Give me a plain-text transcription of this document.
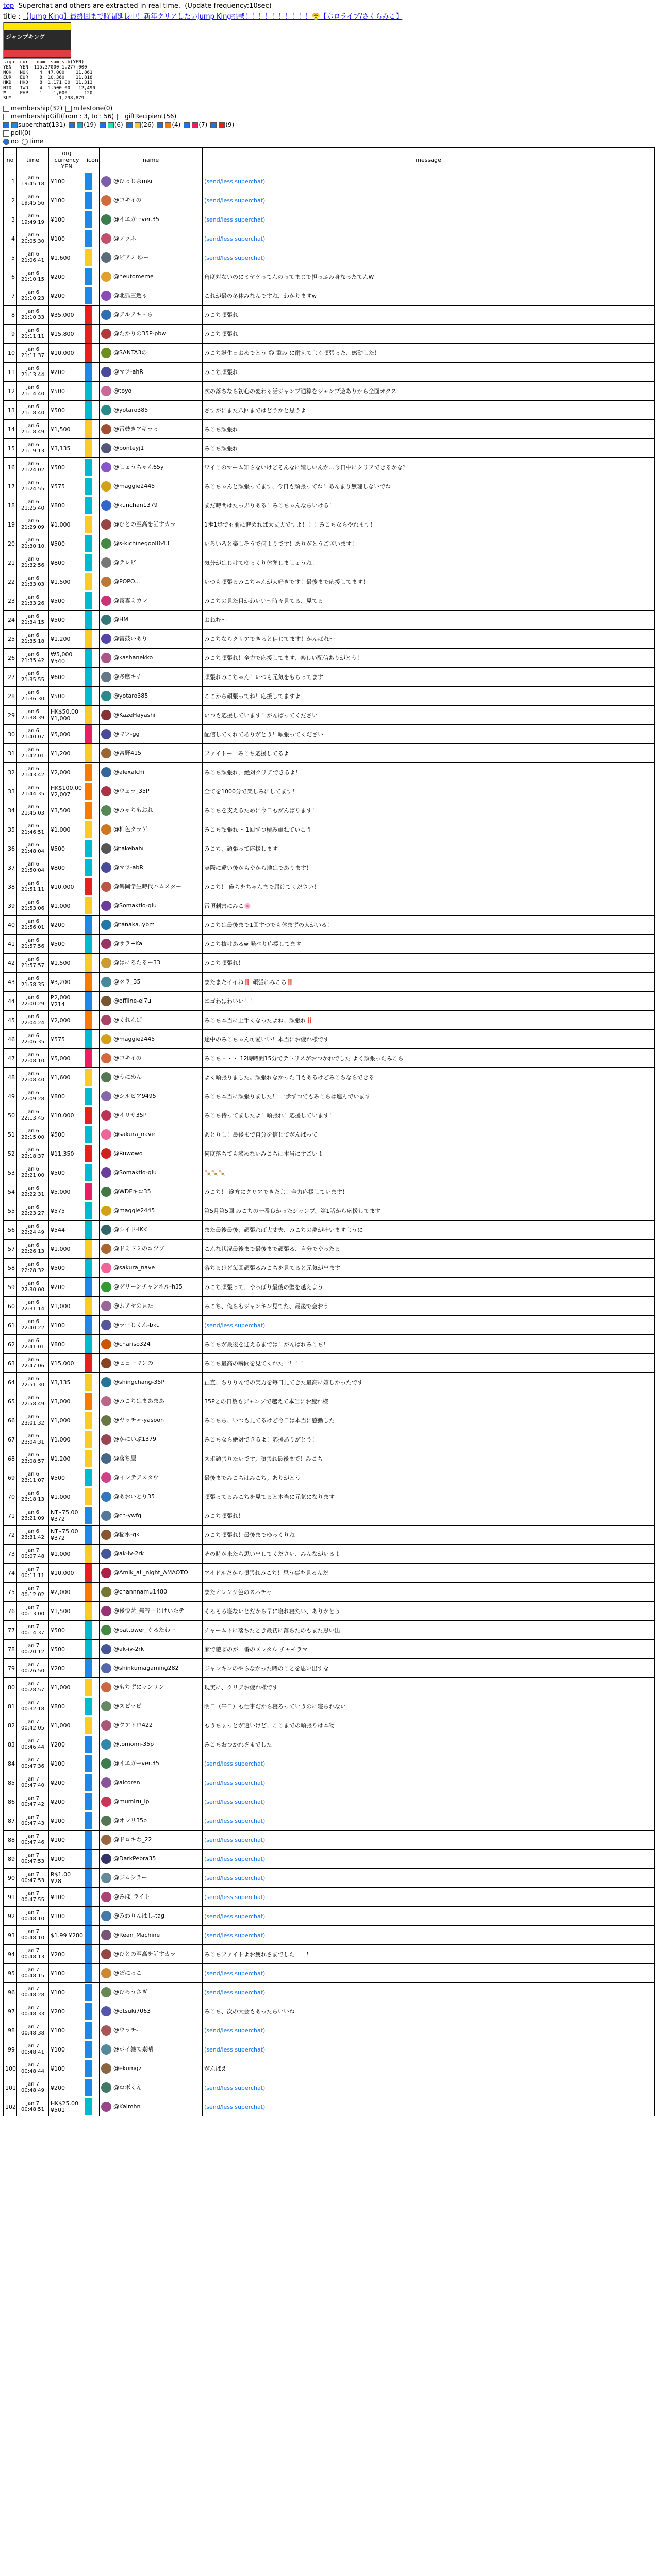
top Superchat and others are extracted in real time. (Update frequency:10sec)
title : 【Jump King】最終回まで時間延長中！新年クリアしたいJump King挑戦！！！！！！！！！！😤【ホロライブ/さくらみこ】
ジャンプキング
sign  cur   num  sum sub(YEN)
YEN   YEN  115,37000 1,277,000
NOK   NOK    4  47,000    11,861
EUR   EUR    8  10,360    11,818
HKD   HKD    8  1,171.00  11,313
NTD   TWD    4  1,500.00   12,490
₱     PHP    1    1,000      120
SUM                 1,298,879
membership(32) milestone(0)
membershipGift(from : 3, to : 56) giftRecipient(56)
superchat(131)	(19)	(6)	(26)	(4)	(7)	(9)
poll(0)
no time
no	time	org currency YEN	icon	name	message
1	Jan 6
19:45:18	¥100		@ひっじ茶mkr	(send/less superchat)
2	Jan 6
19:45:56	¥100		@コキイの	(send/less superchat)
3	Jan 6
19:49:19	¥100		@イエガーver.35	(send/less superchat)
4	Jan 6
20:05:30	¥100		@ノラふ	(send/less superchat)
5	Jan 6
21:06:41	¥1,600		@ピアノ ゆー	(send/less superchat)
6	Jan 6
21:10:15	¥200		@neutomeme	角度対ないのにミヤケってんのってまじで担っぷみ身なったてんW
7	Jan 6
21:10:23	¥200		@北狐三週ゃ	これが最の冬休みなんですね、わかりますw
8	Jan 6
21:10:33	¥35,000		@アルアキ・ら	みこち頑張れ
9	Jan 6
21:11:11	¥15,800		@たかりの35P-pbw	みこち頑張れ
10	Jan 6
21:11:37	¥10,000		@SANTA3の	みこち誕生日おめでとう 😊 重み に耐えてよく頑張った、感動した！
11	Jan 6
21:13:44	¥200		@マツ-ahR	みこち頑張れ
12	Jan 6
21:14:40	¥500		@toyo	次の落ちなら初心の変わる話ジャンプ通算をジャンプ遊ありから全面オクス
13	Jan 6
21:18:40	¥500		@yotaro385	さすがにまた八回まではどうかと思うよ
14	Jan 6
21:18:49	¥1,500		@雷鼓きアギラっ	みこち頑張れ
15	Jan 6
21:19:13	¥3,135		@ponteyj1	みこち頑張れ
16	Jan 6
21:24:02	¥500		@しょうちゃん65y	ワイこのマーム知らないけどそんなに嬉しいんか…今日中にクリアできるかな？
17	Jan 6
21:24:55	¥575		@maggie2445	みこちゃんと頑張ってます、今日も頑張ってね！あんまり無理しないでね
18	Jan 6
21:25:40	¥800		@kunchan1379	まだ時間はたっぷりある！みこちゃんならいける！
19	Jan 6
21:29:09	¥1,000		@ひとの至高を話すカラ	1歩1歩でも前に進めれば大丈夫ですよ！！！みこちならやれます！
20	Jan 6
21:30:10	¥500		@s-kichinegoo8643	いろいろと楽しそうで何よりです！ありがとうございます！
21	Jan 6
21:32:56	¥800		@テレビ	気分がはじけてゆっくり休憩しましょうね！
22	Jan 6
21:33:03	¥1,500		@POPO...	いつも頑張るみこちゃんが大好きです！最後まで応援してます！
23	Jan 6
21:33:26	¥500		@霧霧ミカン	みこちの見た目かわいい～時々見てる、見てる
24	Jan 6
21:34:15	¥500		@HM	おねむ～
25	Jan 6
21:35:18	¥1,200		@雷鼓いあり	みこちならクリアできると信じてます！がんばれ～
26	Jan 6
21:35:42	₩5,000 ¥540		@kashanekko	みこち頑張れ！全力で応援してます、楽しい配信ありがとう！
27	Jan 6
21:35:55	¥600		@多摩キチ	頑張れみこちゃん！いつも元気をもらってます
28	Jan 6
21:36:30	¥500		@yotaro385	ここから頑張ってね！応援してますよ
29	Jan 6
21:38:39	HK$50.00 ¥1,000		@KazeHayashi	いつも応援しています！がんばってください
30	Jan 6
21:40:07	¥5,000		@マツ-gg	配信してくれてありがとう！頑張ってください
31	Jan 6
21:42:01	¥1,200		@宮野415	ファイトー！みこち応援してるよ
32	Jan 6
21:43:42	¥2,000		@alexalchi	みこち頑張れ、絶対クリアできるよ！
33	Jan 6
21:44:35	HK$100.00 ¥2,007		@ウェラ_35P	全てを1000分で楽しみにしてます！
34	Jan 6
21:45:03	¥3,500		@みゃちもおれ	みこちを支えるために今日もがんばります！
35	Jan 6
21:46:51	¥1,000		@柿色クラゲ	みこち頑張れ～ 1回ずつ積み重ねていこう
36	Jan 6
21:48:04	¥500		@takebahi	みこち、頑張って応援します
37	Jan 6
21:50:04	¥800		@マツ-abR	実際に違い後がもやから地はであります！
38	Jan 6
21:51:11	¥10,000		@鶴岡学生時代ハムスター	みこち！ 俺らをちゃんまで届けてください！
39	Jan 6
21:53:06	¥1,000		@Somaktio-qlu	雷頂刺害にみこ🌸
40	Jan 6
21:56:01	¥200		@tanaka..ybm	みこちは最後まで1回すつでも休まずの人がいる！
41	Jan 6
21:57:56	¥500		@サラ+Ka	みこち抜けあるw 発ぺり応援してます
42	Jan 6
21:57:57	¥1,500		@はにろたるー33	みこち頑張れ！
43	Jan 6
21:58:35	¥3,200		@タラ_35	またまたイイね‼️ 頑張れみこち‼️
44	Jan 6
22:00:29	₱2,000 ¥214		@offline-el7u	エゴわほわいい！！
45	Jan 6
22:04:24	¥2,000		@くれんぱ	みこち本当に上手くなったよね、頑張れ‼️
46	Jan 6
22:06:35	¥575		@maggie2445	途中のみこちゃん可愛いい！本当にお疲れ様です
47	Jan 6
22:08:10	¥5,000		@コキイの	みこち・・・ 12時時間15分でテトリスがおつかれでした よく頑張ったみこち
48	Jan 6
22:08:40	¥1,600		@うにめん	よく頑張りました。頑張れなかった日もあるけどみこちならできる
49	Jan 6
22:09:28	¥800		@シルビア9495	みこち本当に頑張りました！ 一歩ずつでもみこちは進んでいます
50	Jan 6
22:13:45	¥10,000		@イリサ35P	みこち待ってましたよ！頑張れ！応援しています！
51	Jan 6
22:15:00	¥500		@sakura_nave	あとりし！最後まで自分を信じてがんばって
52	Jan 6
22:18:37	¥11,350		@Ruwowo	何度落ちても諦めないみこちは本当にすごいよ
53	Jan 6
22:21:00	¥500		@Somaktio-qlu	🍡🍡🍡
54	Jan 6
22:22:31	¥5,000		@WDFキコ35	みこち！ 途方にクリアできたよ！全力応援しています！
55	Jan 6
22:23:27	¥575		@maggie2445	第5月第5回 みこちの一番良かったジャンプ、第1話から応援してます
56	Jan 6
22:24:49	¥544		@シイド-IKK	また最後最後、頑張れば大丈夫、みこちの夢が叶いますように
57	Jan 6
22:26:13	¥1,000		@ドミドミのコツブ	こんな状況最後まで最後まで頑張る、自分でやったる
58	Jan 6
22:28:32	¥500		@sakura_nave	落ちるけど毎回頑張るみこちを見てると元気が出ます
59	Jan 6
22:30:00	¥200		@グリーンチャンネル-h35	みこち頑張って、やっぱり最後の壁を越えよう
60	Jan 6
22:31:14	¥1,000		@ムアヤの見た	みこち、俺らもジャンキン見てた、最後で会おう
61	Jan 6
22:40:22	¥100		@ラーじくん-bku	(send/less superchat)
62	Jan 6
22:41:01	¥800		@chariso324	みこちが最後を迎えるまでは！がんばれみこち！
63	Jan 6
22:47:06	¥15,000		@ヒューマンの	みこち最高の瞬間を見てくれた一！！！
64	Jan 6
22:51:30	¥3,135		@shingchang-35P	正直、ちりりんでの実力を毎日見てきた最高に嬉しかったです
65	Jan 6
22:58:49	¥3,000		@みこちはまあまあ	35Pとの日数もジャンプで越えて本当にお疲れ様
66	Jan 6
23:01:32	¥1,000		@ヤッチャ-yasoon	みこちら、いつも見てるけど今日は本当に感動した
67	Jan 6
23:04:31	¥1,000		@かにいぶ1379	みこちなら絶対できるよ！応援ありがとう！
68	Jan 6
23:08:57	¥1,200		@落ち屋	スポ頑張りたいです。頑張れ最後まで！みこち
69	Jan 6
23:11:07	¥500		@インテアスタウ	最後までみこちはみこち。ありがとう
70	Jan 6
23:18:13	¥1,000		@あおいとり35	頑張ってるみこちを見てると本当に元気になります
71	Jan 6
23:21:09	NT$75.00 ¥372		@ch-ywfg	みこち頑張れ！
72	Jan 6
23:31:42	NT$75.00 ¥372		@稲水-gk	みこち頑張れ！最後までゆっくりね
73	Jan 7
00:07:48	¥1,000		@ak-iv-2rk	その時が来たら思い出してください、みんながいるよ
74	Jan 7
00:11:11	¥10,000		@Amik_all_night_AMAOTO	アイドルだから頑張れみこち！思う事を見るんだ
75	Jan 7
00:12:02	¥2,000		@channnamu1480	またオレンジ色のスパチャ
76	Jan 7
00:13:00	¥1,500		@後悦藍_無智ーじけいたテ	そろそろ寝ないとだから早に寝れ寝たい、ありがとう
77	Jan 7
00:14:37	¥500		@pattower_ぐるたわー	チャーム下に落ちたとき最初に落ちたのもまた思い出
78	Jan 7
00:20:12	¥500		@ak-iv-2rk	家で遊ぶのが一番のメンタル チャモラマ
79	Jan 7
00:26:50	¥200		@shinkumagaming282	ジャンキンのやらなかった時のことを思い出すな
80	Jan 7
00:28:57	¥1,000		@もちずにャンリン	現実に、クリアお疲れ様です
81	Jan 7
00:32:18	¥800		@スピッピ	明日（午日）も仕事だから寝ろっていうのに寝られない
82	Jan 7
00:42:05	¥1,000		@クアトロ422	もうちょっとが遠いけど、ここまでの頑張りは本物
83	Jan 7
00:46:44	¥200		@tomomi-35p	みこちおつかれさまでした
84	Jan 7
00:47:36	¥100		@イエガーver.35	(send/less superchat)
85	Jan 7
00:47:40	¥200		@aicoren	(send/less superchat)
86	Jan 7
00:47:42	¥200		@mumiru_ip	(send/less superchat)
87	Jan 7
00:47:43	¥100		@オンリ35p	(send/less superchat)
88	Jan 7
00:47:46	¥100		@ドロキわ_22	(send/less superchat)
89	Jan 7
00:47:53	¥100		@DarkPebra35	(send/less superchat)
90	Jan 7
00:47:53	R$1.00 ¥28		@ジムシラー	(send/less superchat)
91	Jan 7
00:47:55	¥100		@みほ_ライト	(send/less superchat)
92	Jan 7
00:48:10	¥100		@みわりんぱし-tag	(send/less superchat)
93	Jan 7
00:48:10	$1.99 ¥280		@Rean_Machine	(send/less superchat)
94	Jan 7
00:48:13	¥200		@ひとの至高を話すカラ	みこちファイトよお疲れさまでした！！！
95	Jan 7
00:48:15	¥100		@ぽにっこ	(send/less superchat)
96	Jan 7
00:48:28	¥100		@ひろうさぎ	(send/less superchat)
97	Jan 7
00:48:33	¥200		@otsuki7063	みこち、次の大会もあったらいいね
98	Jan 7
00:48:38	¥100		@ウラチ-	(send/less superchat)
99	Jan 7
00:48:41	¥100		@ボイ雑て素晴	(send/less superchat)
100	Jan 7
00:48:44	¥100		@ekumgz	がんばえ
101	Jan 7
00:48:49	¥200		@ロボくん	(send/less superchat)
102	Jan 7
00:48:51	HK$25.00 ¥501		@Kalmhn	(send/less superchat)
